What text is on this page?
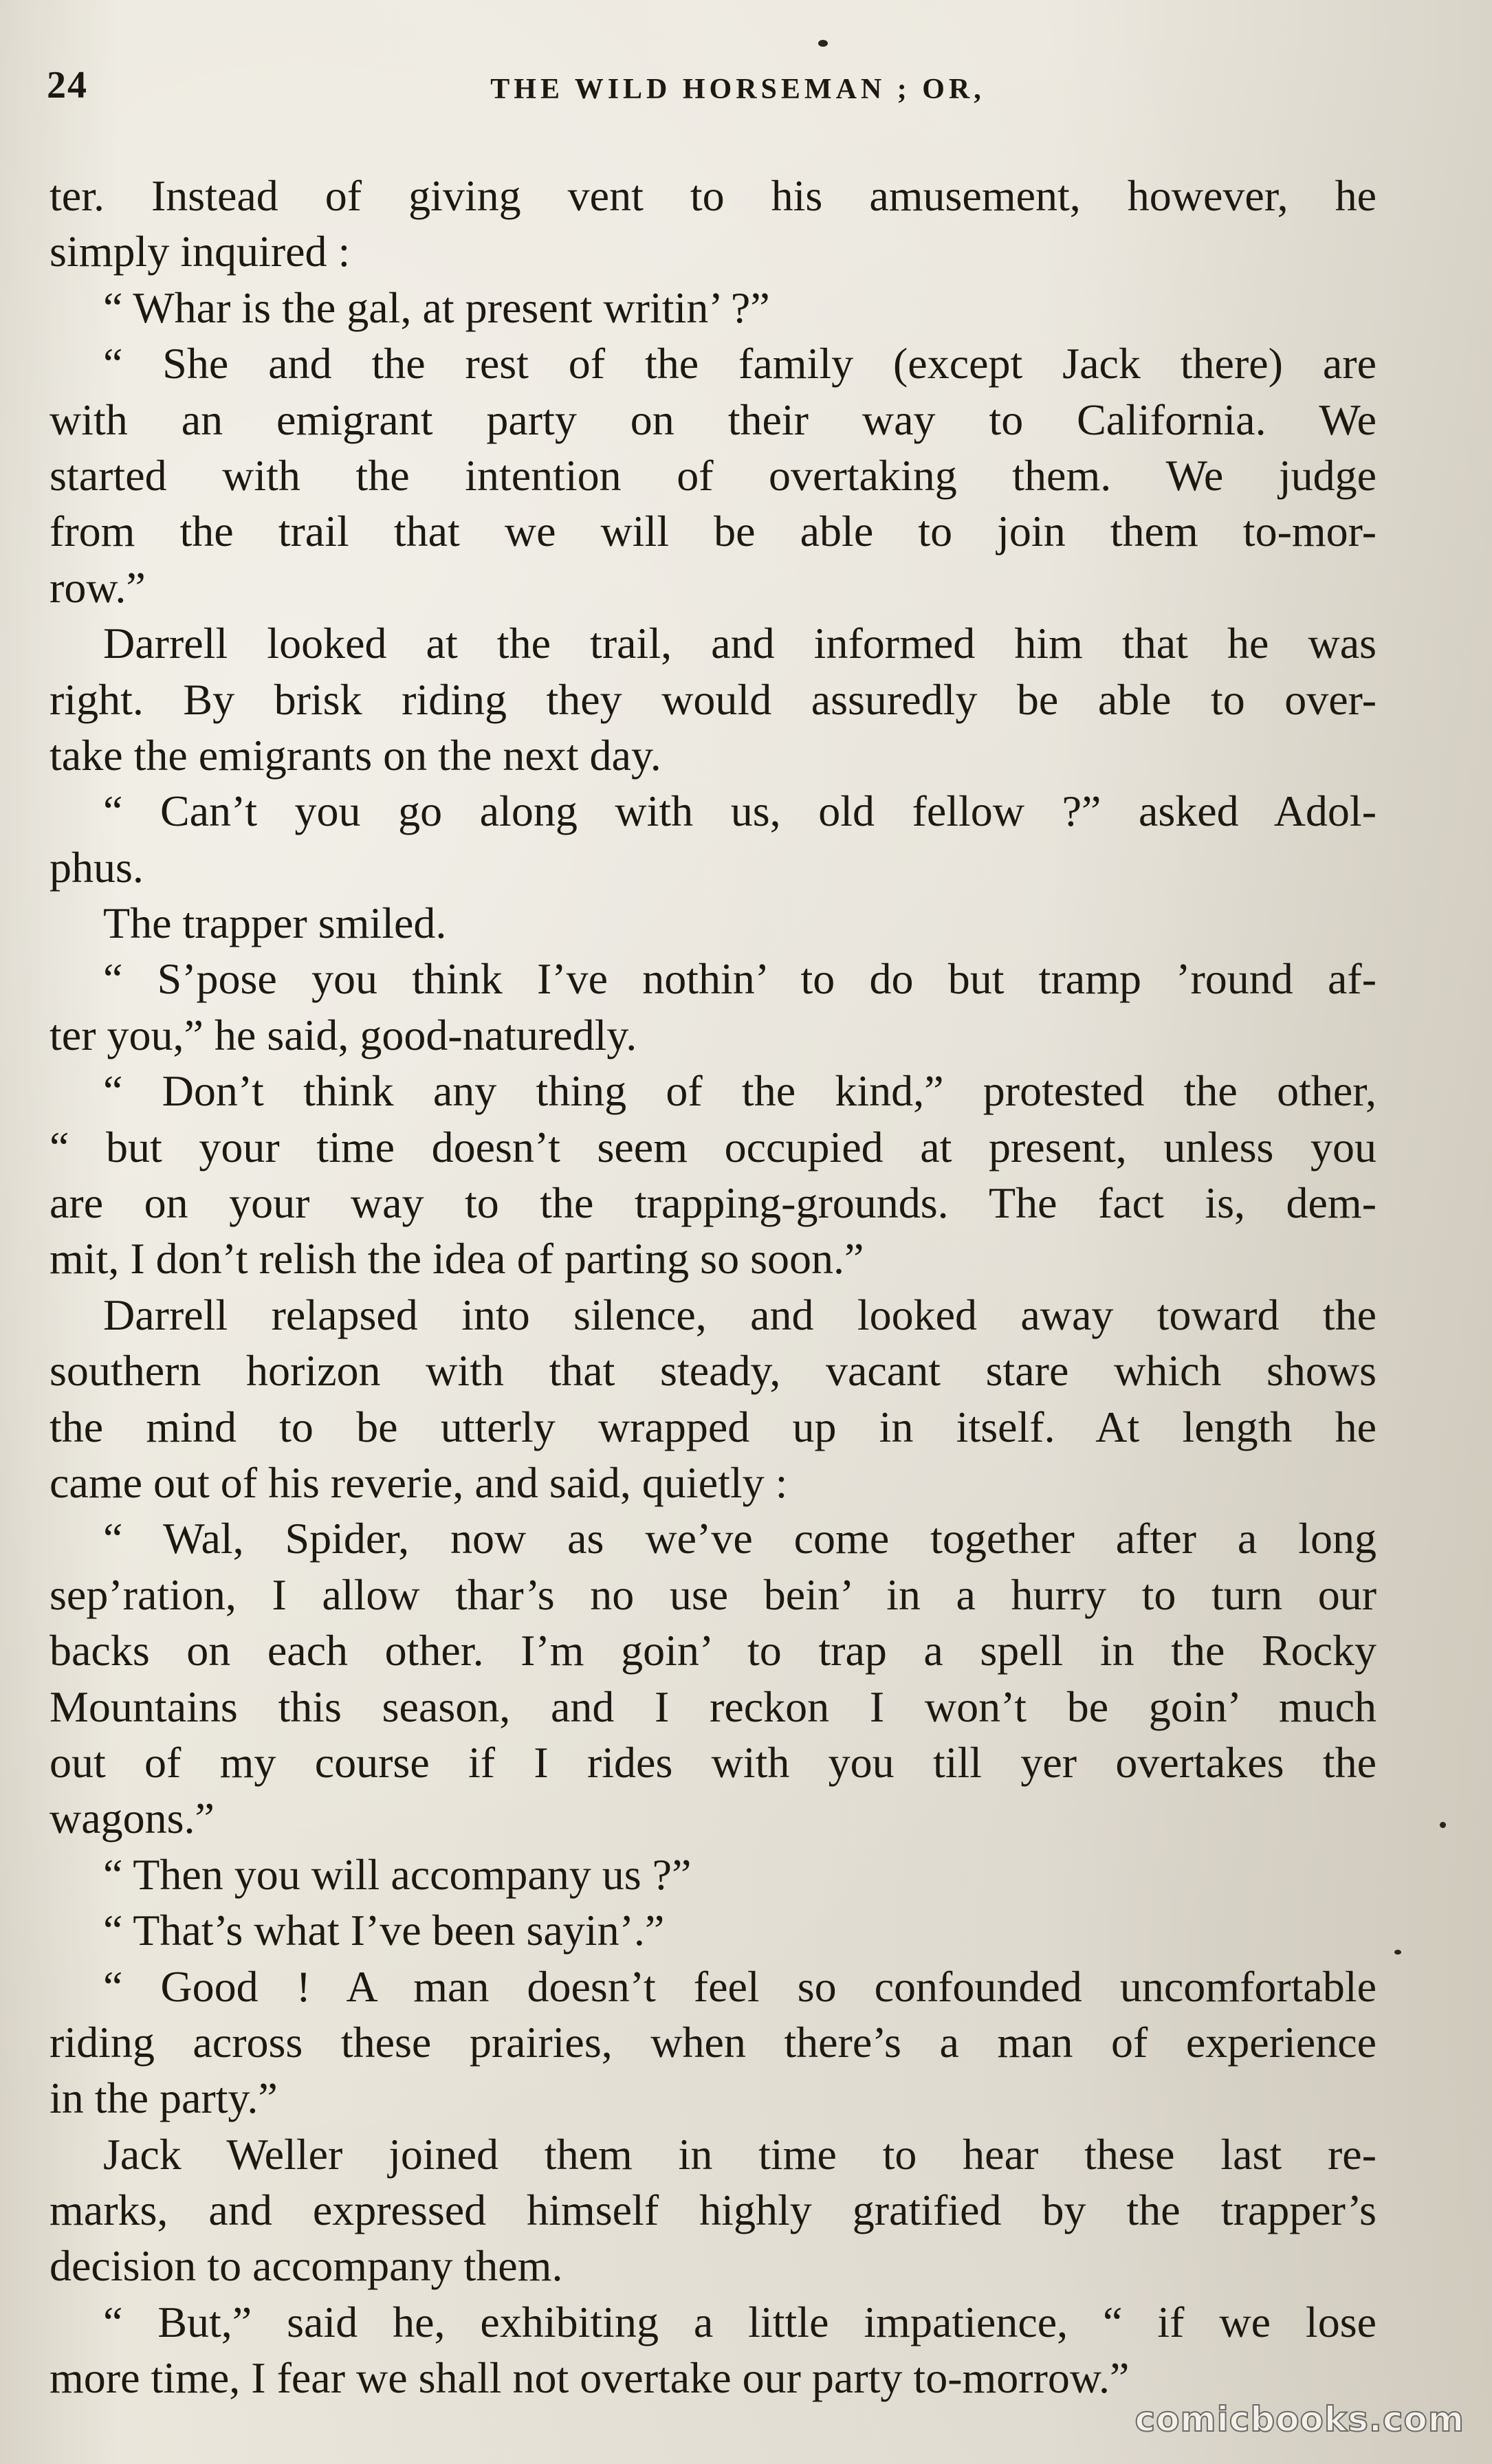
24	THE WILD HORSEMAN ; OR,
ter. Instead of giving vent to his amusement, however, he
simply inquired :
“ Whar is the gal, at present writin’ ?”
“ She and the rest of the family (except Jack there) are
with an emigrant party on their way to California. We
started with the intention of overtaking them. We judge
from the trail that we will be able to join them to-mor-
row.”
Darrell looked at the trail, and informed him that he was
right. By brisk riding they would assuredly be able to over-
take the emigrants on the next day.
“ Can’t you go along with us, old fellow ?” asked Adol-
phus.
The trapper smiled.
“ S’pose you think I’ve nothin’ to do but tramp ’round af-
ter you,” he said, good-naturedly.
“ Don’t think any thing of the kind,” protested the other,
“ but your time doesn’t seem occupied at present, unless you
are on your way to the trapping-grounds. The fact is, dem-
mit, I don’t relish the idea of parting so soon.”
Darrell relapsed into silence, and looked away toward the
southern horizon with that steady, vacant stare which shows
the mind to be utterly wrapped up in itself. At length he
came out of his reverie, and said, quietly :
“ Wal, Spider, now as we’ve come together after a long
sep’ration, I allow thar’s no use bein’ in a hurry to turn our
backs on each other. I’m goin’ to trap a spell in the Rocky
Mountains this season, and I reckon I won’t be goin’ much
out of my course if I rides with you till yer overtakes the
wagons.”
“ Then you will accompany us ?”
“ That’s what I’ve been sayin’.”
“ Good ! A man doesn’t feel so confounded uncomfortable
riding across these prairies, when there’s a man of experience
in the party.”
Jack Weller joined them in time to hear these last re-
marks, and expressed himself highly gratified by the trapper’s
decision to accompany them.
“ But,” said he, exhibiting a little impatience, “ if we lose
more time, I fear we shall not overtake our party to-morrow.”
comicbooks.com
